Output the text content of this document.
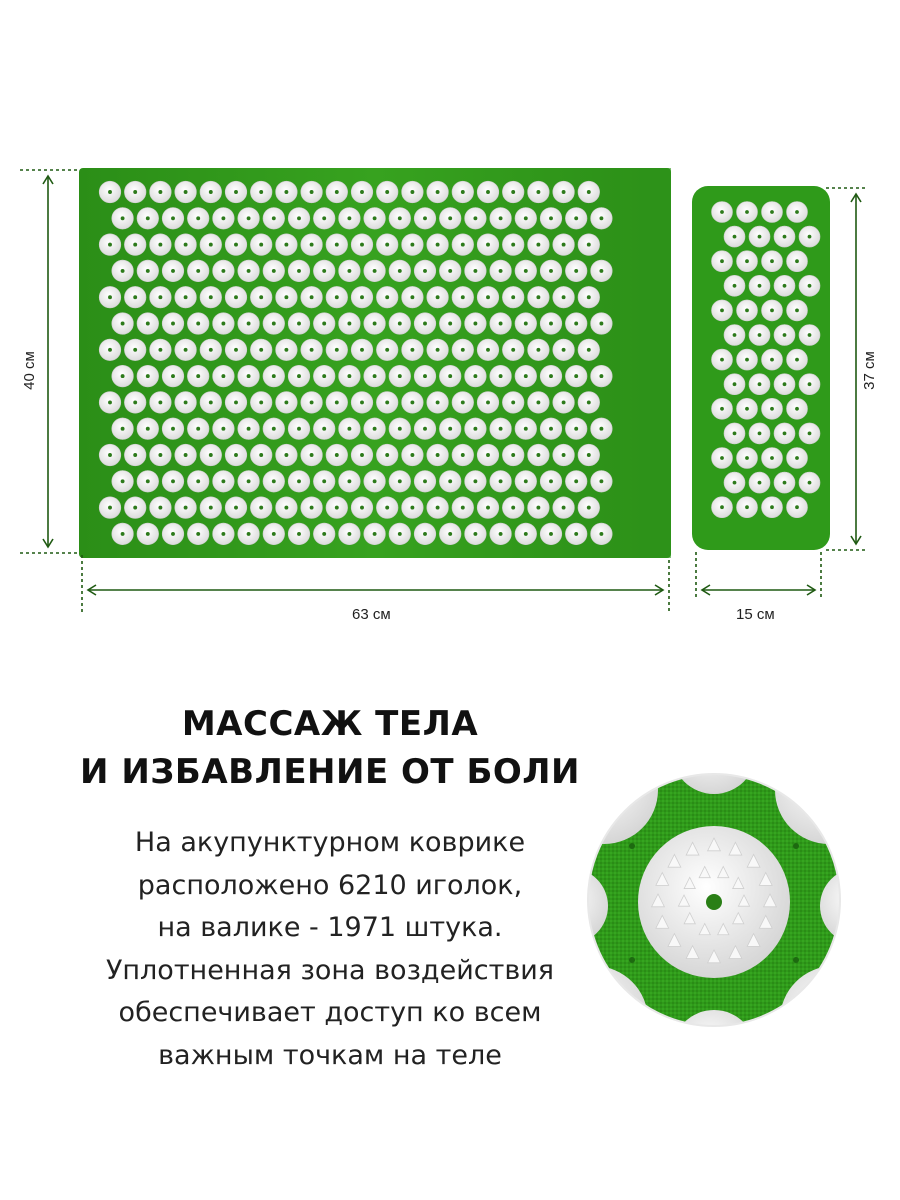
40 см
63 см
37 см
15 см
МАССАЖ ТЕЛА
И ИЗБАВЛЕНИЕ ОТ БОЛИ

На акупунктурном коврике
расположено 6210 иголок,
на валике - 1971 штука.
Уплотненная зона воздействия
обеспечивает доступ ко всем
важным точкам на теле
